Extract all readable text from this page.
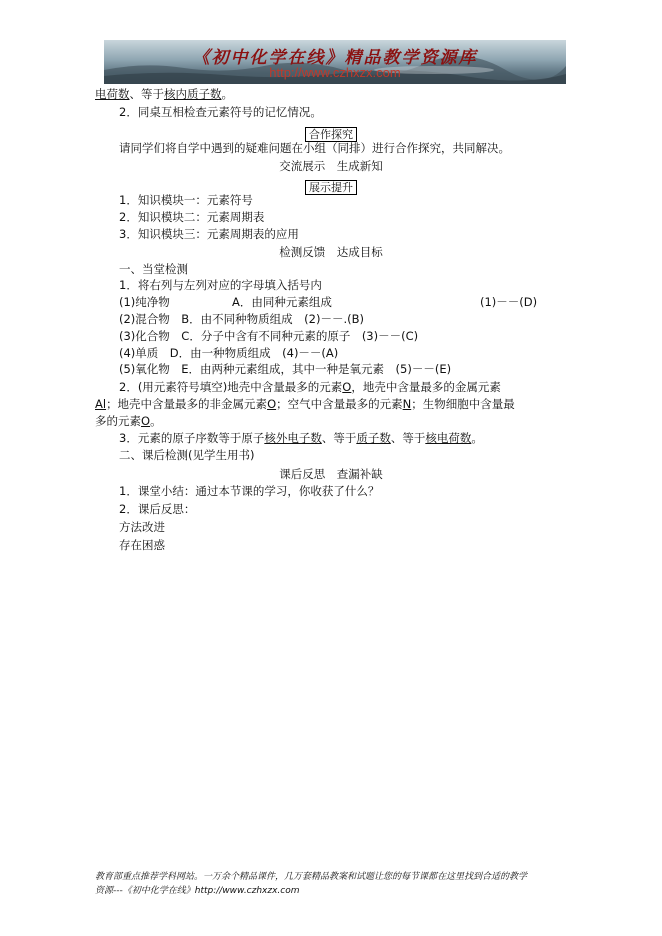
《初中化学在线》精品教学资源库
http://www.czhxzx.com
电荷数、等于核内质子数。
2．同桌互相检查元素符号的记忆情况。
合作探究
请同学们将自学中遇到的疑难问题在小组（同排）进行合作探究，共同解决。
交流展示　生成新知
展示提升
1．知识模块一：元素符号
2．知识模块二：元素周期表
3．知识模块三：元素周期表的应用
检测反馈　达成目标
一、当堂检测
1．将右列与左列对应的字母填入括号内
(1)纯净物	A．由同种元素组成	(1)－－(D)
(2)混合物　B．由不同种物质组成　(2)－－.(B)
(3)化合物　C．分子中含有不同种元素的原子　(3)－－(C)
(4)单质　D．由一种物质组成　(4)－－(A)
(5)氧化物　E．由两种元素组成，其中一种是氧元素　(5)－－(E)
2．(用元素符号填空)地壳中含量最多的元素O，地壳中含量最多的金属元素
Al；地壳中含量最多的非金属元素O；空气中含量最多的元素N；生物细胞中含量最
多的元素O。
3．元素的原子序数等于原子核外电子数、等于质子数、等于核电荷数。
二、课后检测(见学生用书)
课后反思　查漏补缺
1．课堂小结：通过本节课的学习，你收获了什么？
2．课后反思：
方法改进
存在困惑
教育部重点推荐学科网站。一万余个精品课件，几万套精品教案和试题让您的每节课都在这里找到合适的教学
资源---《初中化学在线》http://www.czhxzx.com
